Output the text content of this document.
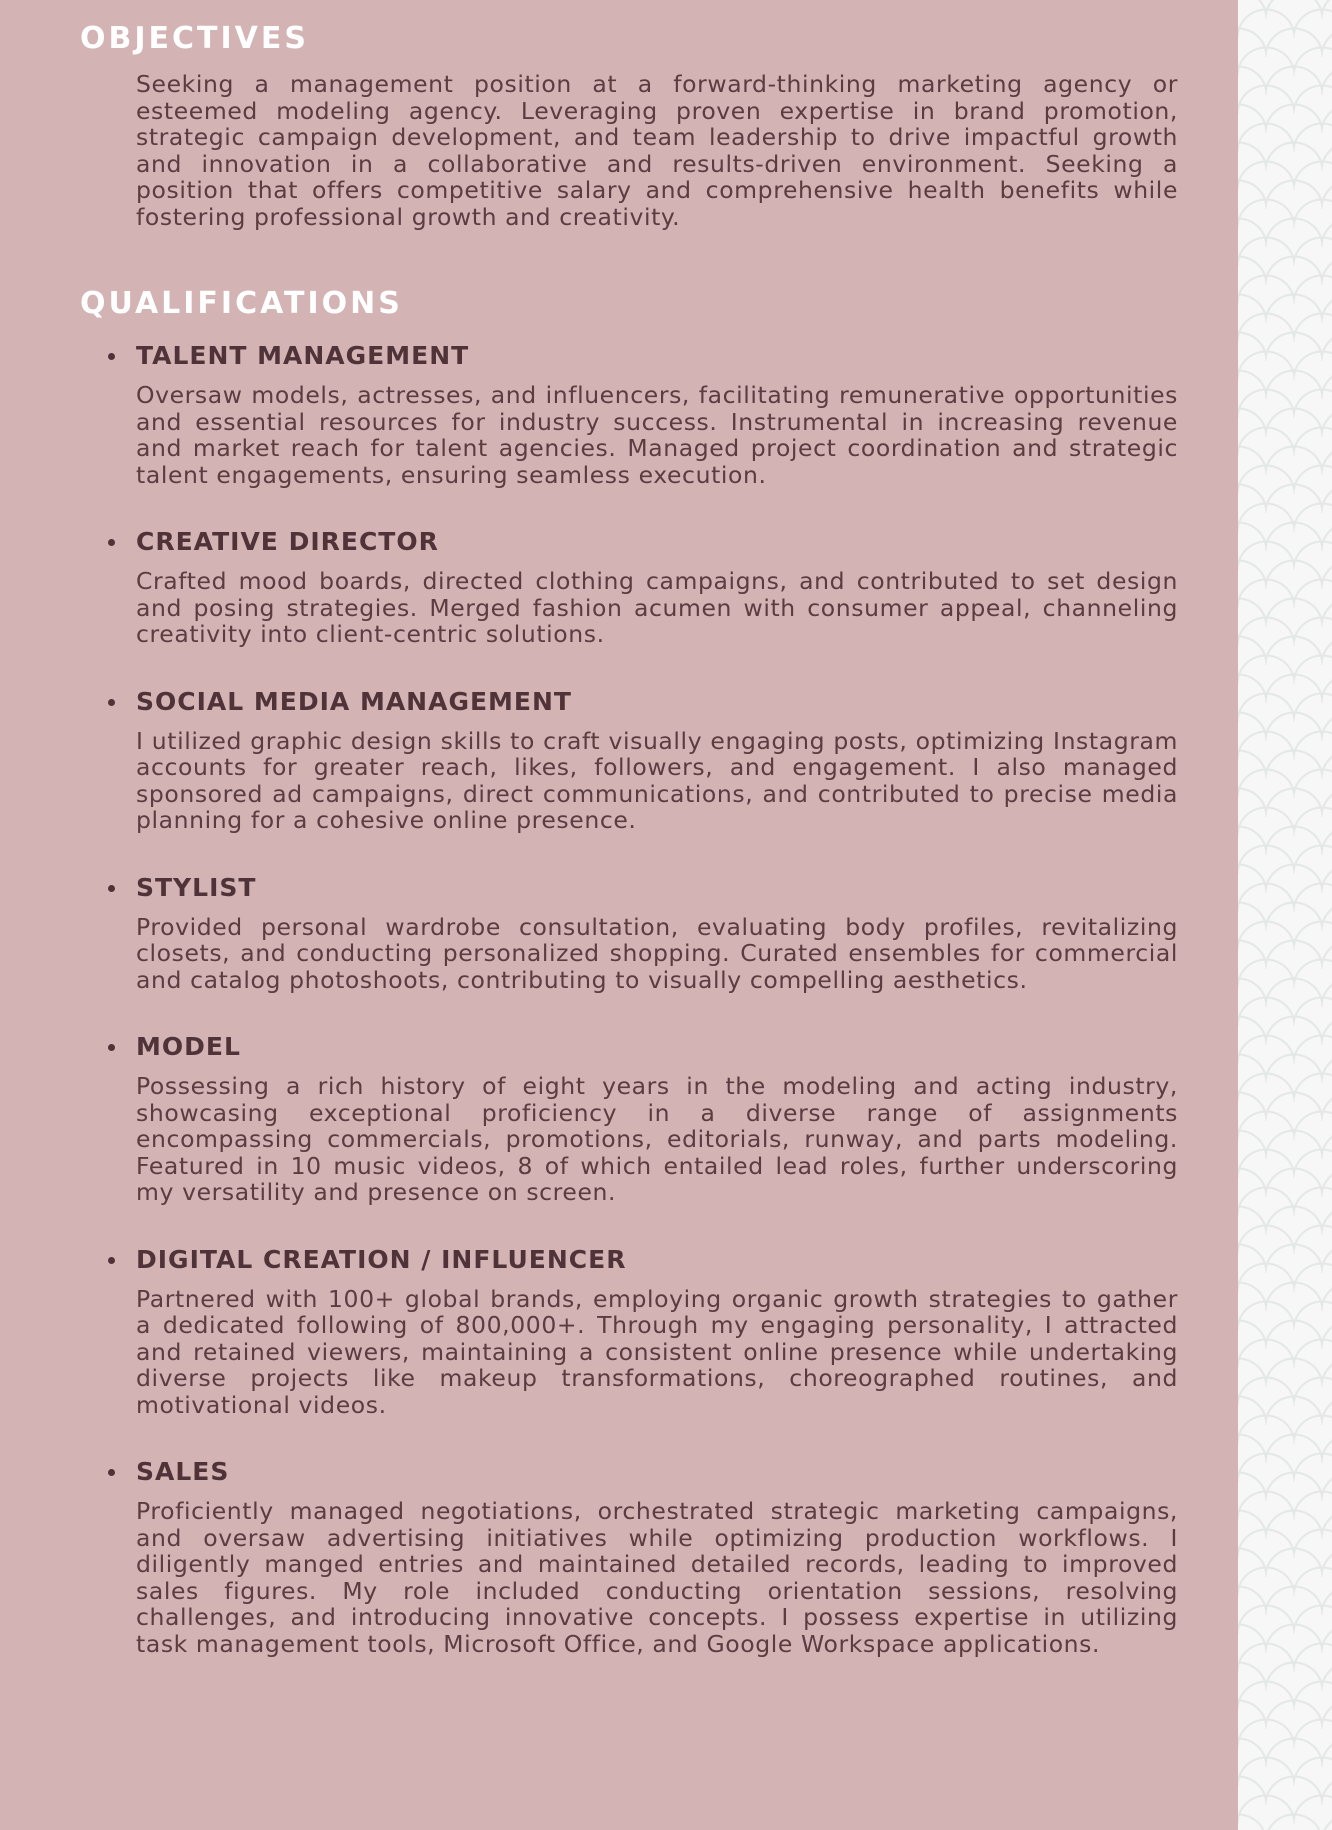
OBJECTIVES

Seeking a management position at a forward-thinking marketing agency or esteemed modeling agency. Leveraging proven expertise in brand promotion, strategic campaign development, and team leadership to drive impactful growth and innovation in a collaborative and results-driven environment. Seeking a position that offers competitive salary and comprehensive health benefits while fostering professional growth and creativity.

QUALIFICATIONS
TALENT MANAGEMENT

Oversaw models, actresses, and influencers, facilitating remunerative opportunities and essential resources for industry success. Instrumental in increasing revenue and market reach for talent agencies. Managed project coordination and strategic talent engagements, ensuring seamless execution.

CREATIVE DIRECTOR

Crafted mood boards, directed clothing campaigns, and contributed to set design and posing strategies. Merged fashion acumen with consumer appeal, channeling creativity into client-centric solutions.

SOCIAL MEDIA MANAGEMENT

I utilized graphic design skills to craft visually engaging posts, optimizing Instagram accounts for greater reach, likes, followers, and engagement. I also managed sponsored ad campaigns, direct communications, and contributed to precise media planning for a cohesive online presence.

STYLIST

Provided personal wardrobe consultation, evaluating body profiles, revitalizing closets, and conducting personalized shopping. Curated ensembles for commercial and catalog photoshoots, contributing to visually compelling aesthetics.

MODEL

Possessing a rich history of eight years in the modeling and acting industry, showcasing exceptional proficiency in a diverse range of assignments encompassing commercials, promotions, editorials, runway, and parts modeling. Featured in 10 music videos, 8 of which entailed lead roles, further underscoring my versatility and presence on screen.

DIGITAL CREATION / INFLUENCER

Partnered with 100+ global brands, employing organic growth strategies to gather a dedicated following of 800,000+. Through my engaging personality, I attracted and retained viewers, maintaining a consistent online presence while undertaking diverse projects like makeup transformations, choreographed routines, and motivational videos.

SALES

Proficiently managed negotiations, orchestrated strategic marketing campaigns, and oversaw advertising initiatives while optimizing production workflows. I diligently manged entries and maintained detailed records, leading to improved sales figures. My role included conducting orientation sessions, resolving challenges, and introducing innovative concepts. I possess expertise in utilizing task management tools, Microsoft Office, and Google Workspace applications.
